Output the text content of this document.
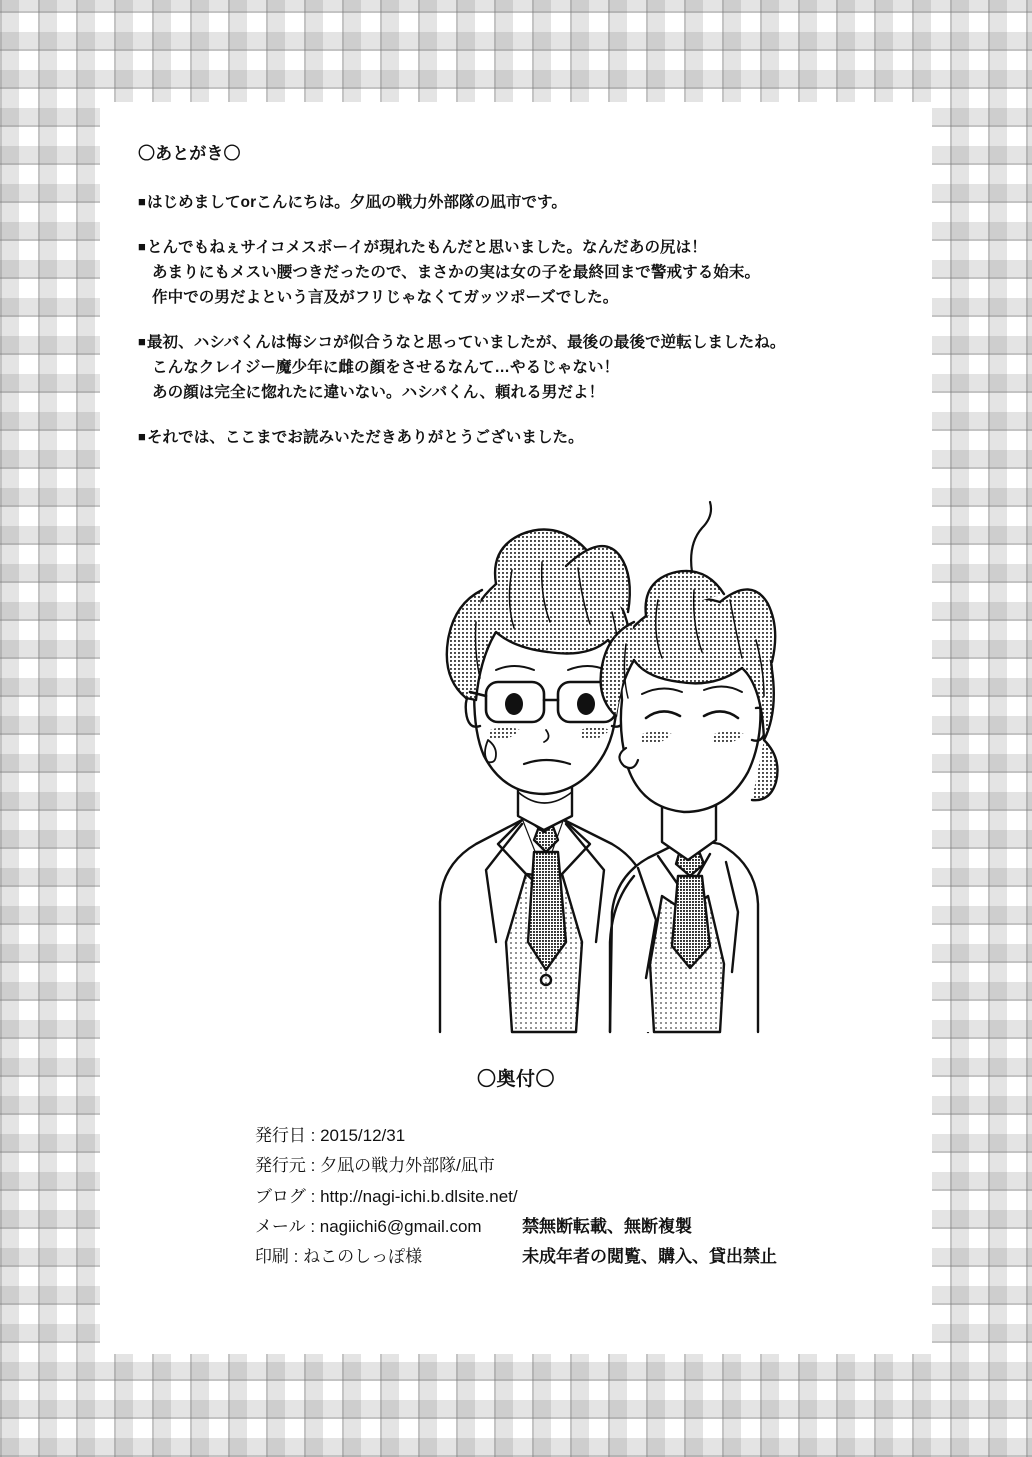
〇あとがき〇
■はじめましてorこんにちは。夕凪の戦力外部隊の凪市です。
■とんでもねぇサイコメスボーイが現れたもんだと思いました。なんだあの尻は！
あまりにもメスい腰つきだったので、まさかの実は女の子を最終回まで警戒する始末。
作中での男だよという言及がフリじゃなくてガッツポーズでした。
■最初、ハシバくんは悔シコが似合うなと思っていましたが、最後の最後で逆転しましたね。
こんなクレイジー魔少年に雌の顔をさせるなんて…やるじゃない！
あの顔は完全に惚れたに違いない。ハシバくん、頼れる男だよ！
■それでは、ここまでお読みいただきありがとうございました。
〇奥付〇
発行日 : 2015/12/31
発行元 : 夕凪の戦力外部隊/凪市
ブログ : http://nagi-ichi.b.dlsite.net/
メール : nagiichi6@gmail.com
印刷 : ねこのしっぽ様

禁無断転載、無断複製
未成年者の閲覧、購入、貸出禁止
